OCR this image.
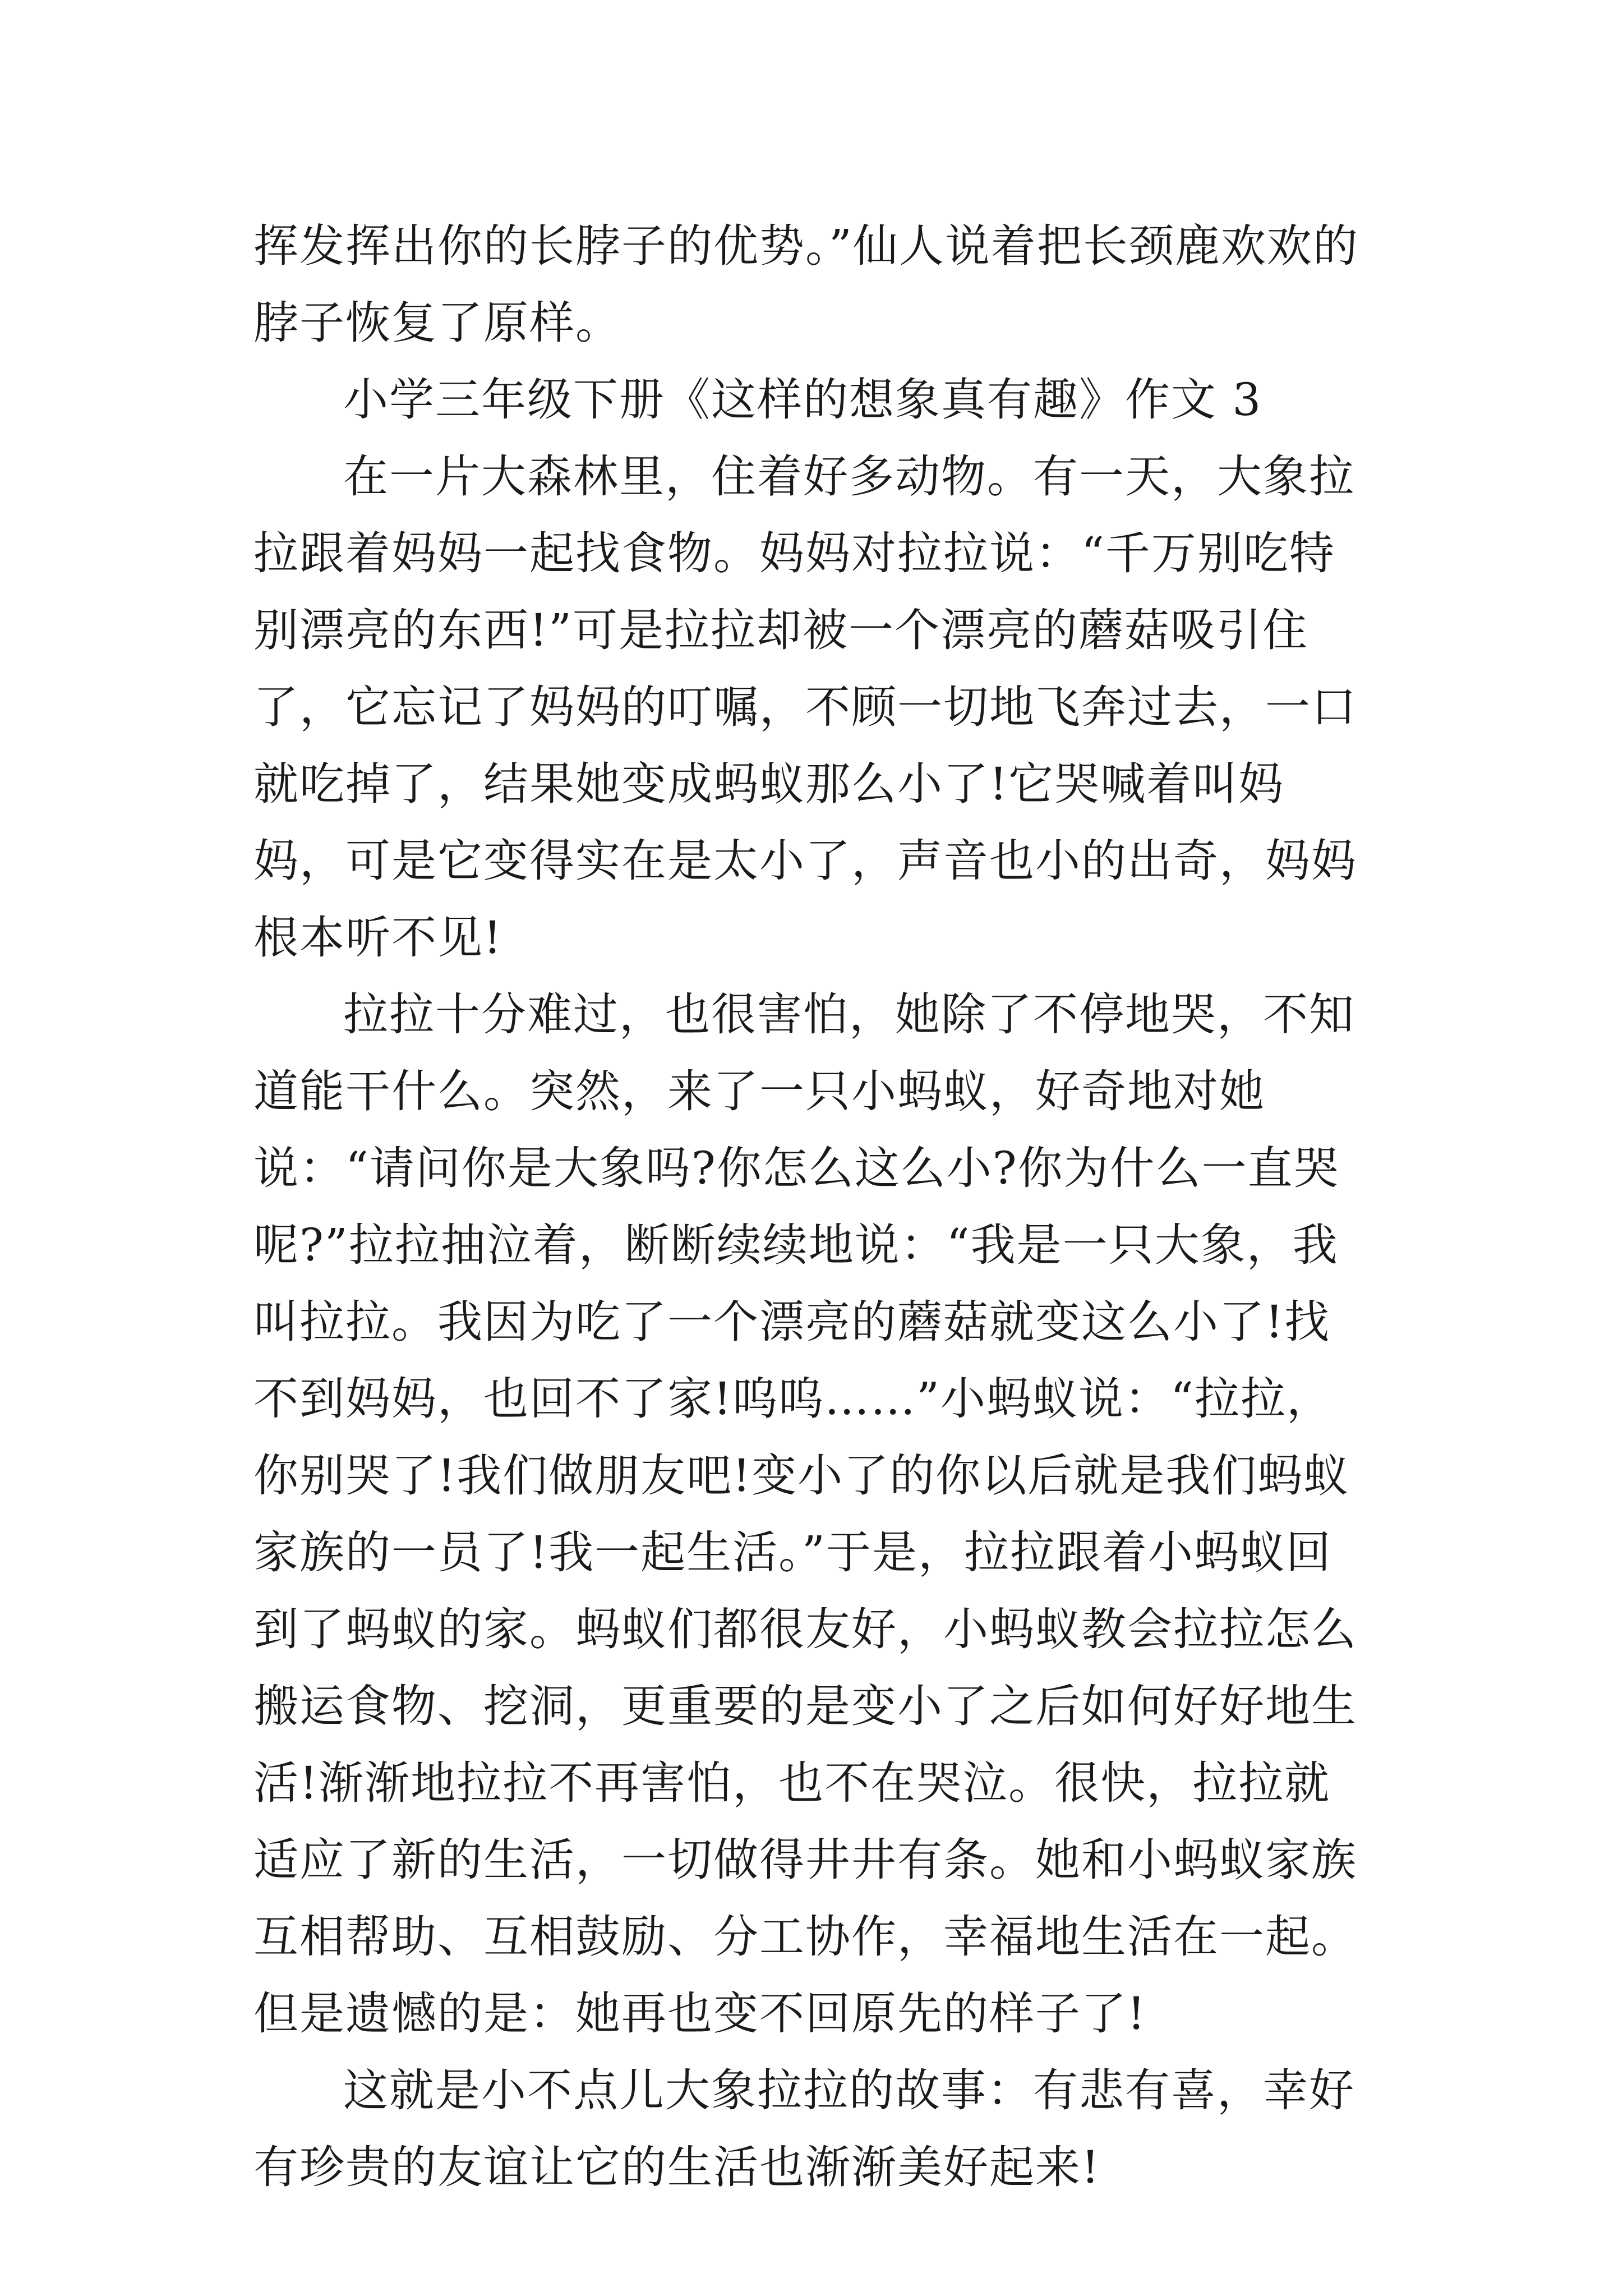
挥发挥出你的长脖子的优势。”仙人说着把长颈鹿欢欢的脖子恢复了原样。

小学三年级下册《这样的想象真有趣》作文 3

在一片大森林里，住着好多动物。有一天，大象拉拉跟着妈妈一起找食物。妈妈对拉拉说：“千万别吃特别漂亮的东西!”可是拉拉却被一个漂亮的蘑菇吸引住了，它忘记了妈妈的叮嘱，不顾一切地飞奔过去，一口就吃掉了，结果她变成蚂蚁那么小了!它哭喊着叫妈妈，可是它变得实在是太小了，声音也小的出奇，妈妈根本听不见!

拉拉十分难过，也很害怕，她除了不停地哭，不知道能干什么。突然，来了一只小蚂蚁，好奇地对她说：“请问你是大象吗?你怎么这么小?你为什么一直哭呢?”拉拉抽泣着，断断续续地说：“我是一只大象，我叫拉拉。我因为吃了一个漂亮的蘑菇就变这么小了!找不到妈妈，也回不了家!呜呜……”小蚂蚁说：“拉拉，你别哭了!我们做朋友吧!变小了的你以后就是我们蚂蚁家族的一员了!我一起生活。”于是，拉拉跟着小蚂蚁回到了蚂蚁的家。蚂蚁们都很友好，小蚂蚁教会拉拉怎么搬运食物、挖洞，更重要的是变小了之后如何好好地生活!渐渐地拉拉不再害怕，也不在哭泣。很快，拉拉就适应了新的生活，一切做得井井有条。她和小蚂蚁家族互相帮助、互相鼓励、分工协作，幸福地生活在一起。但是遗憾的是：她再也变不回原先的样子了!

这就是小不点儿大象拉拉的故事：有悲有喜，幸好有珍贵的友谊让它的生活也渐渐美好起来!
